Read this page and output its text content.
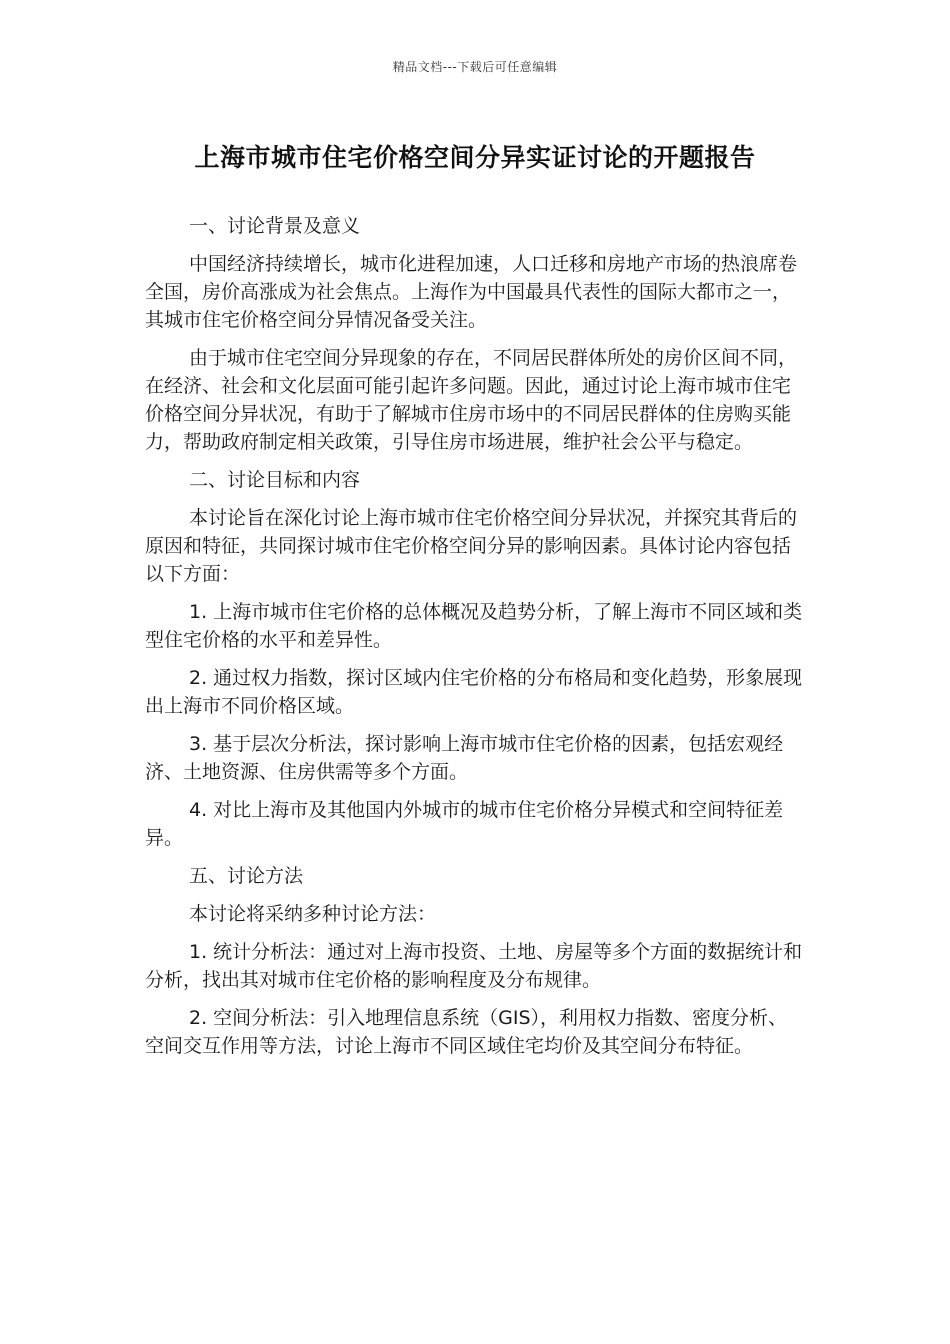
精品文档---下载后可任意编辑
上海市城市住宅价格空间分异实证讨论的开题报告

一、讨论背景及意义

中国经济持续增长，城市化进程加速，人口迁移和房地产市场的热浪席卷全国，房价高涨成为社会焦点。上海作为中国最具代表性的国际大都市之一，其城市住宅价格空间分异情况备受关注。

由于城市住宅空间分异现象的存在，不同居民群体所处的房价区间不同，在经济、社会和文化层面可能引起许多问题。因此，通过讨论上海市城市住宅价格空间分异状况，有助于了解城市住房市场中的不同居民群体的住房购买能力，帮助政府制定相关政策，引导住房市场进展，维护社会公平与稳定。

二、讨论目标和内容

本讨论旨在深化讨论上海市城市住宅价格空间分异状况，并探究其背后的原因和特征，共同探讨城市住宅价格空间分异的影响因素。具体讨论内容包括以下方面：

1. 上海市城市住宅价格的总体概况及趋势分析，了解上海市不同区域和类型住宅价格的水平和差异性。

2. 通过权力指数，探讨区域内住宅价格的分布格局和变化趋势，形象展现出上海市不同价格区域。

3. 基于层次分析法，探讨影响上海市城市住宅价格的因素，包括宏观经济、土地资源、住房供需等多个方面。

4. 对比上海市及其他国内外城市的城市住宅价格分异模式和空间特征差异。

五、讨论方法

本讨论将采纳多种讨论方法：

1. 统计分析法：通过对上海市投资、土地、房屋等多个方面的数据统计和分析，找出其对城市住宅价格的影响程度及分布规律。

2. 空间分析法：引入地理信息系统（GIS），利用权力指数、密度分析、空间交互作用等方法，讨论上海市不同区域住宅均价及其空间分布特征。
